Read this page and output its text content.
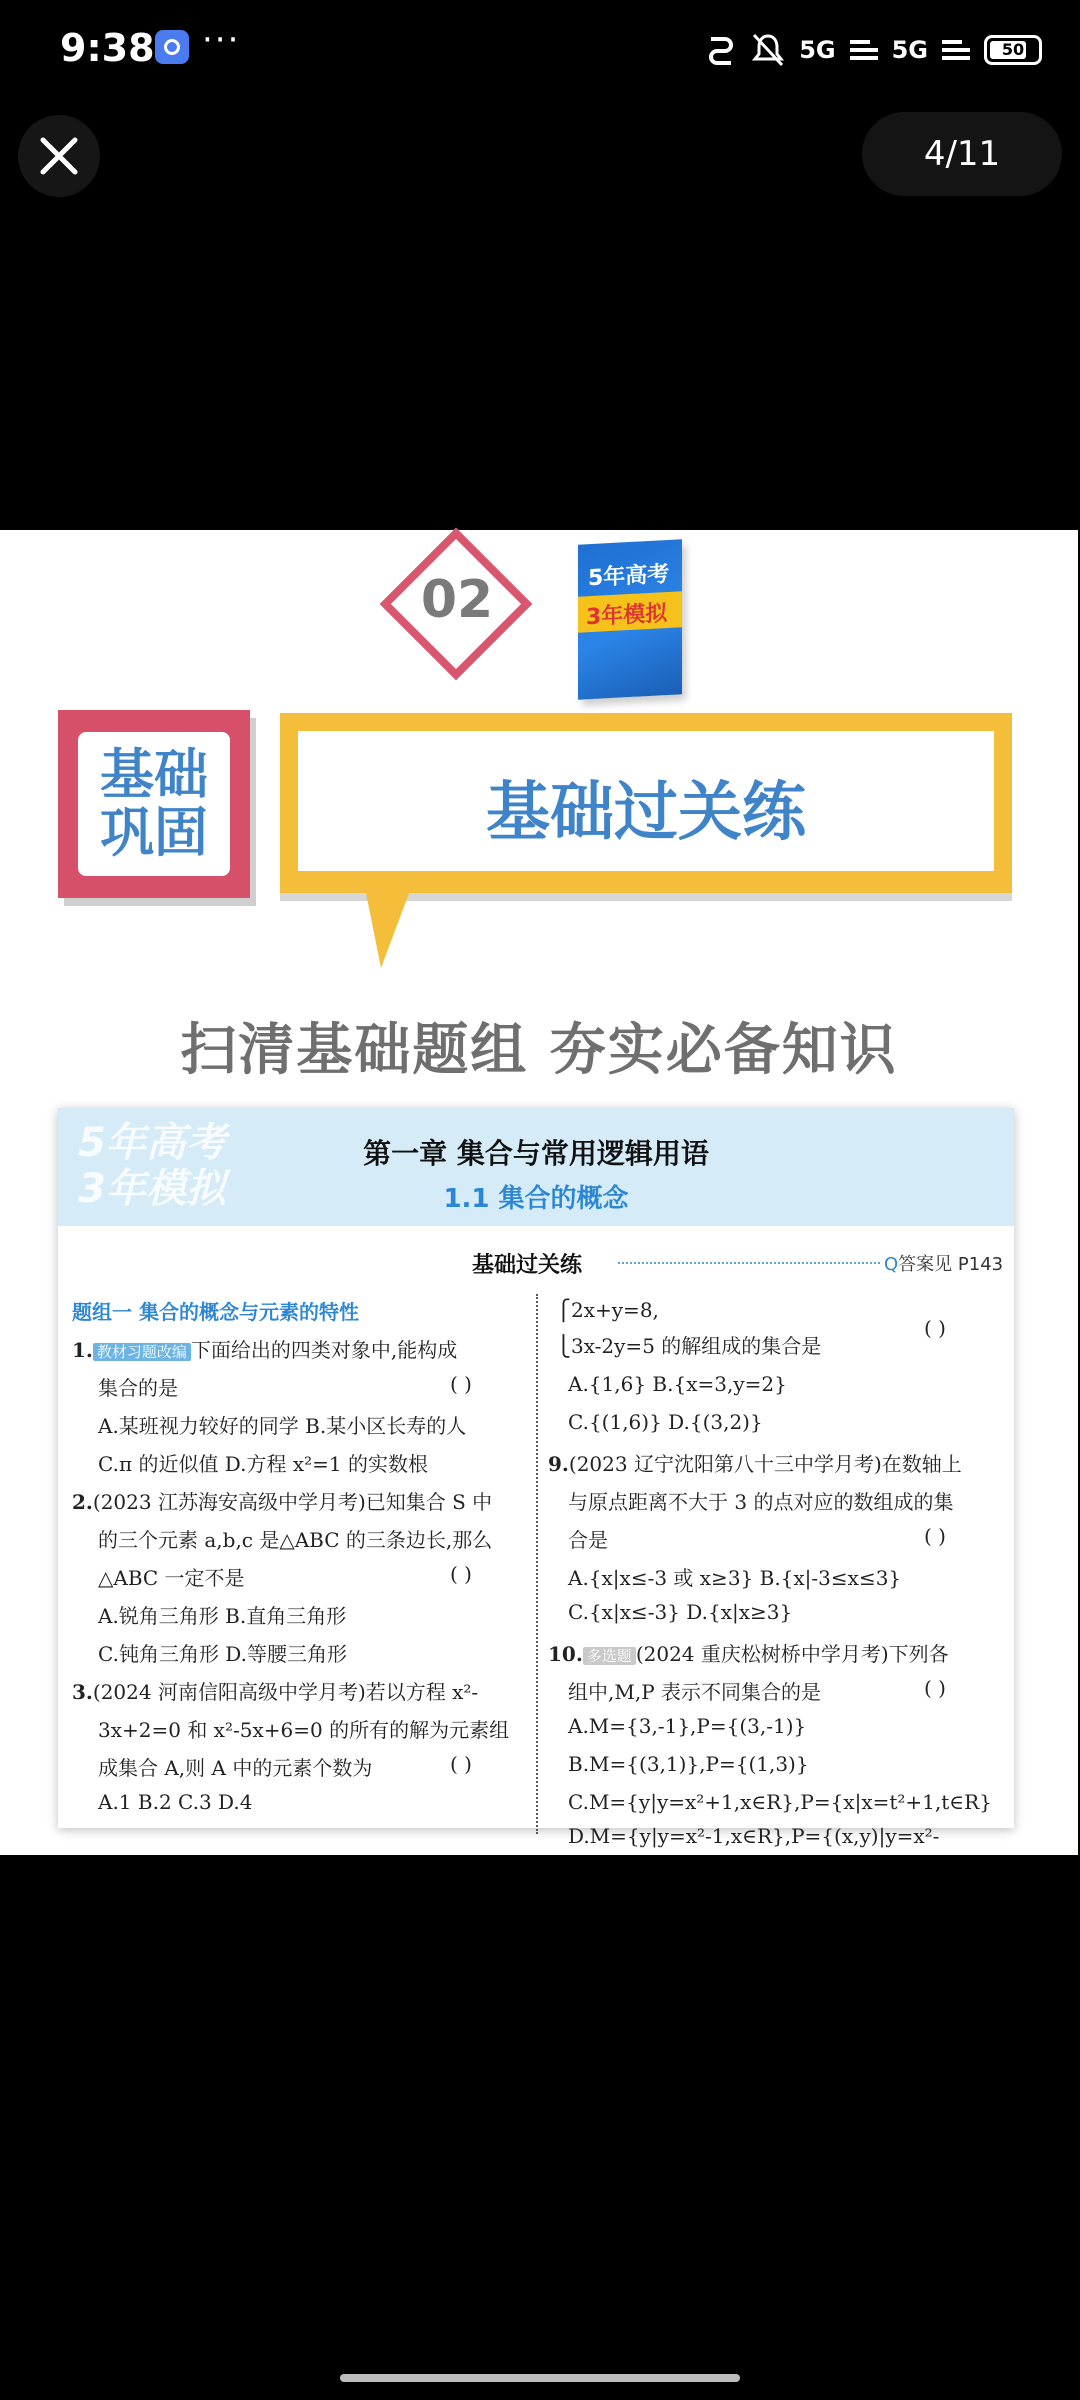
9:38 ···	5G 5G	50
4/11
02	5年高考
3年模拟
基础
巩固	基础过关练
扫清基础题组 夯实必备知识
5年高考
3年模拟
第一章 集合与常用逻辑用语
1.1 集合的概念
基础过关练	Q答案见 P143
题组一 集合的概念与元素的特性
1. 教材习题改编 下面给出的四类对象中,能构成
集合的是	( )
A.某班视力较好的同学 B.某小区长寿的人
C.π 的近似值 D.方程 x²=1 的实数根
2.(2023 江苏海安高级中学月考)已知集合 S 中
的三个元素 a,b,c 是△ABC 的三条边长,那么
△ABC 一定不是	( )
A.锐角三角形 B.直角三角形
C.钝角三角形 D.等腰三角形
3.(2024 河南信阳高级中学月考)若以方程 x²-
3x+2=0 和 x²-5x+6=0 的所有的解为元素组
成集合 A,则 A 中的元素个数为	( )
A.1 B.2 C.3 D.4
⎧2x+y=8,
⎩3x-2y=5 的解组成的集合是
( )
A.{1,6} B.{x=3,y=2}
C.{(1,6)} D.{(3,2)}
9.(2023 辽宁沈阳第八十三中学月考)在数轴上
与原点距离不大于 3 的点对应的数组成的集
合是	( )
A.{x|x≤-3 或 x≥3} B.{x|-3≤x≤3}
C.{x|x≤-3} D.{x|x≥3}
10. 多选题 (2024 重庆松树桥中学月考)下列各
组中,M,P 表示不同集合的是	( )
A.M={3,-1},P={(3,-1)}
B.M={(3,1)},P={(1,3)}
C.M={y|y=x²+1,x∈R},P={x|x=t²+1,t∈R}
D.M={y|y=x²-1,x∈R},P={(x,y)|y=x²-
